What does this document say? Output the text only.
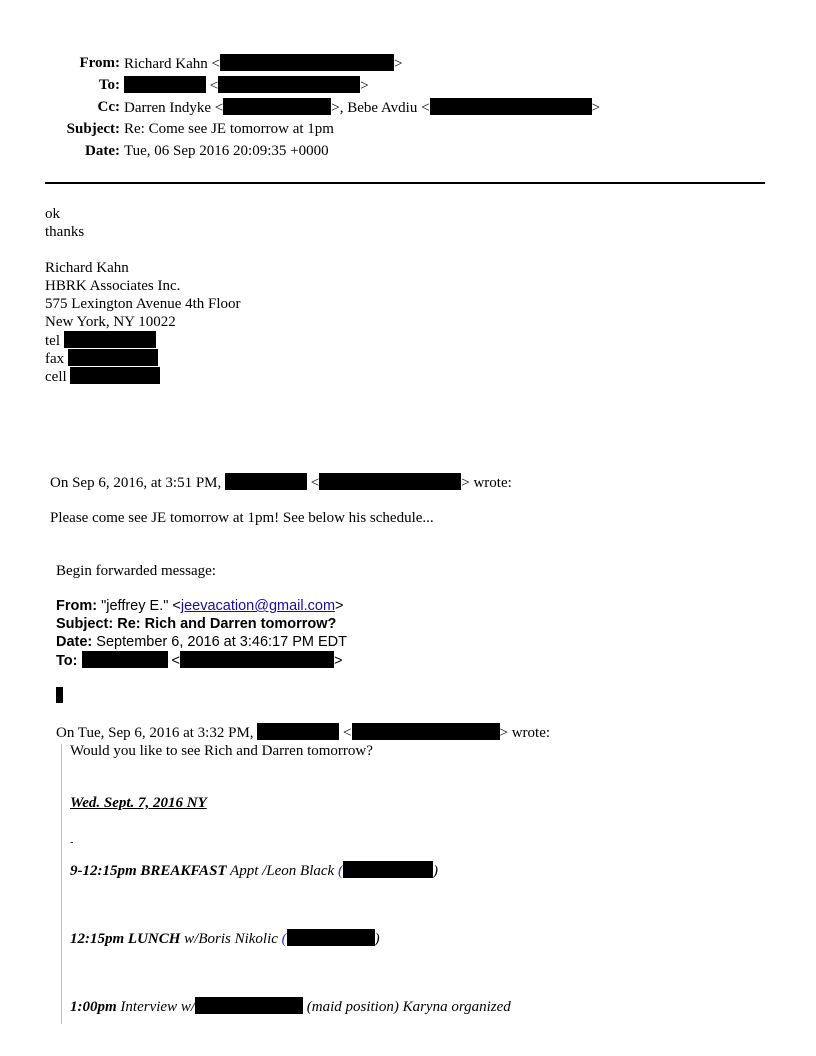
From: Richard Kahn <	>
To:	<	>
Cc: Darren Indyke <	>, Bebe Avdiu <	>
Subject: Re: Come see JE tomorrow at 1pm
Date: Tue, 06 Sep 2016 20:09:35 +0000
ok
thanks
Richard Kahn
HBRK Associates Inc.
575 Lexington Avenue 4th Floor
New York, NY 10022
tel
fax
cell
On Sep 6, 2016, at 3:51 PM,	<	> wrote:
Please come see JE tomorrow at 1pm! See below his schedule...
Begin forwarded message:
From: "jeffrey E." <jeevacation@gmail.com>
Subject: Re: Rich and Darren tomorrow?
Date: September 6, 2016 at 3:46:17 PM EDT
To:	<	>
On Tue, Sep 6, 2016 at 3:32 PM,	<	> wrote:
Would you like to see Rich and Darren tomorrow?
Wed. Sept. 7, 2016 NY
-
9-12:15pm BREAKFAST Appt /Leon Black (	)
12:15pm LUNCH w/Boris Nikolic (	)
1:00pm Interview w/	(maid position) Karyna organized
